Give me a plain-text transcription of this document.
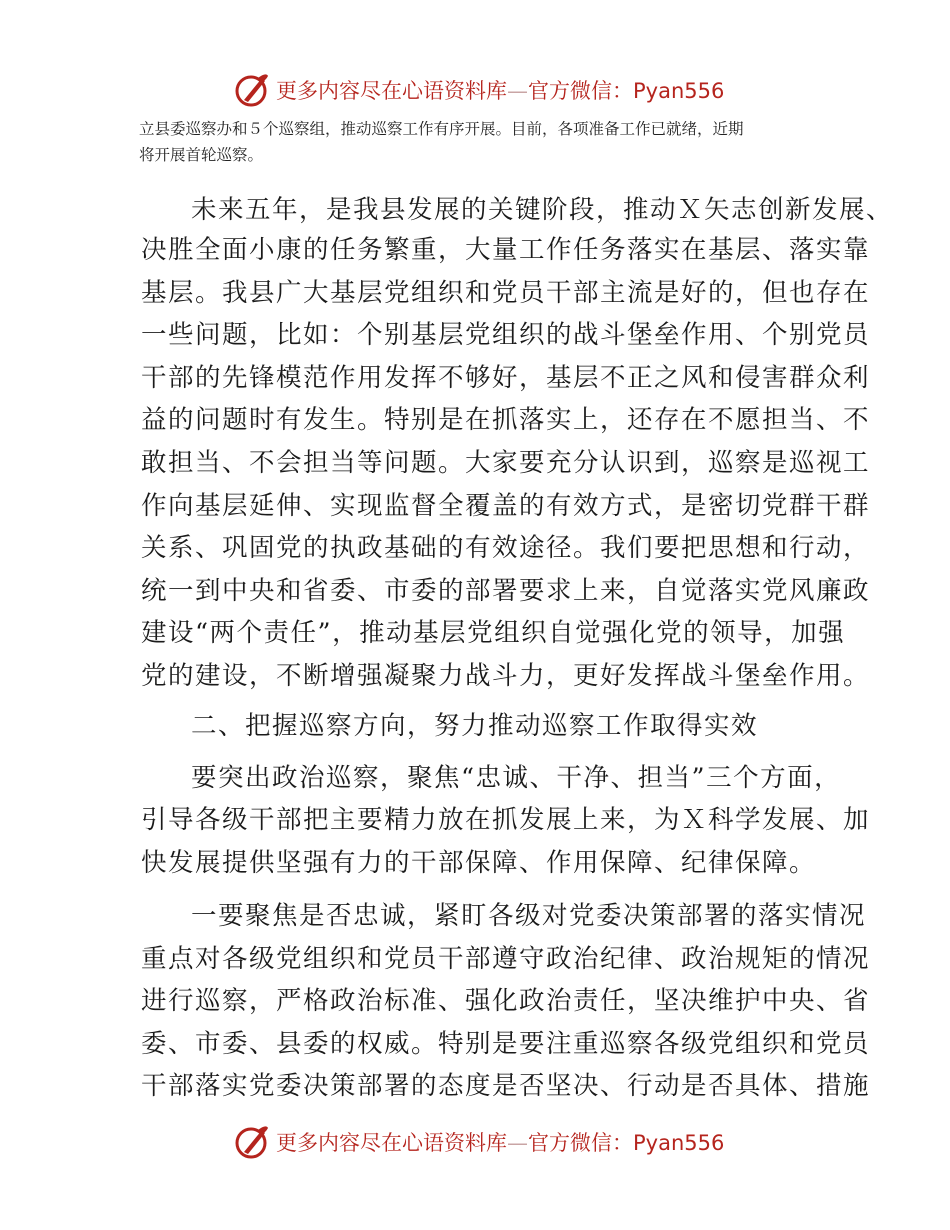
更多内容尽在心语资料库—官方微信：Pyan556
立县委巡察办和５个巡察组，推动巡察工作有序开展。目前，各项准备工作已就绪，近期
将开展首轮巡察。
未来五年，是我县发展的关键阶段，推动Ｘ矢志创新发展、
决胜全面小康的任务繁重，大量工作任务落实在基层、落实靠
基层。我县广大基层党组织和党员干部主流是好的，但也存在
一些问题，比如：个别基层党组织的战斗堡垒作用、个别党员
干部的先锋模范作用发挥不够好，基层不正之风和侵害群众利
益的问题时有发生。特别是在抓落实上，还存在不愿担当、不
敢担当、不会担当等问题。大家要充分认识到，巡察是巡视工
作向基层延伸、实现监督全覆盖的有效方式，是密切党群干群
关系、巩固党的执政基础的有效途径。我们要把思想和行动，
统一到中央和省委、市委的部署要求上来，自觉落实党风廉政
建设“两个责任”，推动基层党组织自觉强化党的领导，加强
党的建设，不断增强凝聚力战斗力，更好发挥战斗堡垒作用。
二、把握巡察方向，努力推动巡察工作取得实效
要突出政治巡察，聚焦“忠诚、干净、担当”三个方面，
引导各级干部把主要精力放在抓发展上来，为Ｘ科学发展、加
快发展提供坚强有力的干部保障、作用保障、纪律保障。
一要聚焦是否忠诚，紧盯各级对党委决策部署的落实情况
重点对各级党组织和党员干部遵守政治纪律、政治规矩的情况
进行巡察，严格政治标准、强化政治责任，坚决维护中央、省
委、市委、县委的权威。特别是要注重巡察各级党组织和党员
干部落实党委决策部署的态度是否坚决、行动是否具体、措施
更多内容尽在心语资料库—官方微信：Pyan556
